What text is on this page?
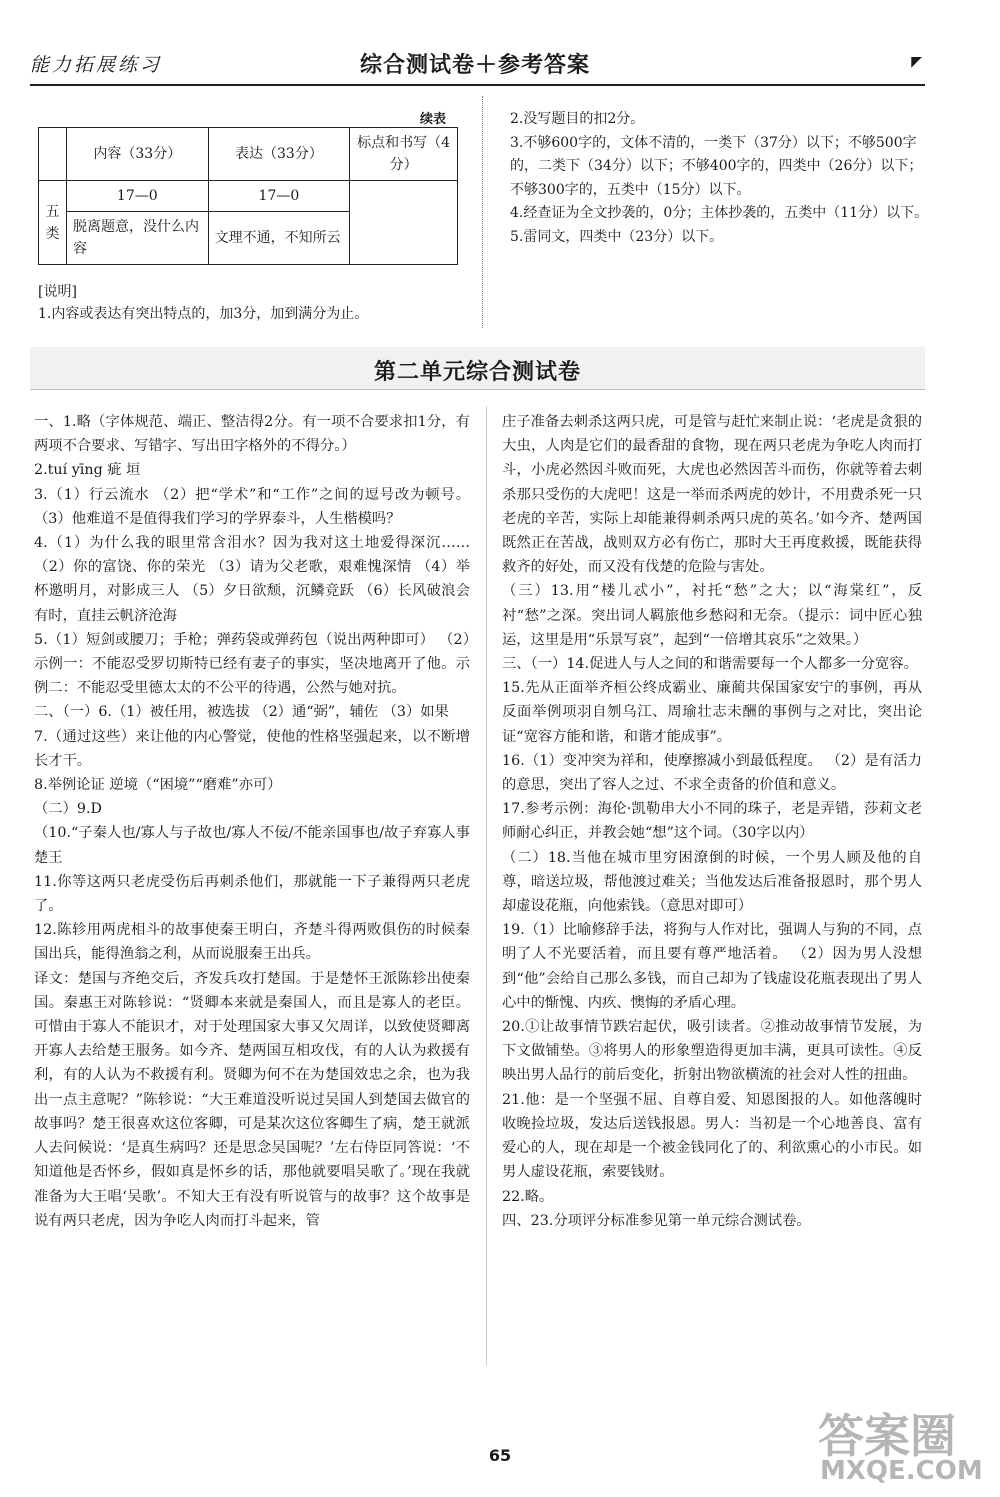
能力拓展练习	综合测试卷＋参考答案	◤
续表
	内容（33分）	表达（33分）	标点和书写（4分）
五类	17—0	17—0	
	脱离题意，没什么内容	文理不通，不知所云	
[说明]
1.内容或表达有突出特点的，加3分，加到满分为止。

2.没写题目的扣2分。

3.不够600字的，文体不清的，一类下（37分）以下；不够500字的，二类下（34分）以下；不够400字的，四类中（26分）以下；不够300字的，五类中（15分）以下。

4.经查证为全文抄袭的，0分；主体抄袭的，五类中（11分）以下。

5.雷同文，四类中（23分）以下。

第二单元综合测试卷

一、1.略（字体规范、端正、整洁得2分。有一项不合要求扣1分，有两项不合要求、写错字、写出田字格外的不得分。）

2.tuí yīng 疵 垣

3.（1）行云流水 （2）把“学术”和“工作”之间的逗号改为顿号。 （3）他难道不是值得我们学习的学界泰斗，人生楷模吗？

4.（1）为什么我的眼里常含泪水？因为我对这土地爱得深沉…… （2）你的富饶、你的荣光 （3）请为父老歌，艰难愧深情 （4）举杯邀明月，对影成三人 （5）夕日欲颓，沉鳞竞跃 （6）长风破浪会有时，直挂云帆济沧海

5.（1）短剑或腰刀；手枪；弹药袋或弹药包（说出两种即可） （2）示例一：不能忍受罗切斯特已经有妻子的事实，坚决地离开了他。示例二：不能忍受里德太太的不公平的待遇，公然与她对抗。

二、（一）6.（1）被任用，被选拔 （2）通“弼”，辅佐 （3）如果

7.（通过这些）来让他的内心警觉，使他的性格坚强起来，以不断增长才干。

8.举例论证 逆境（“困境”“磨难”亦可）

（二）9.D

（10.“子秦人也/寡人与子故也/寡人不佞/不能亲国事也/故子弃寡人事楚王

11.你等这两只老虎受伤后再刺杀他们，那就能一下子兼得两只老虎了。

12.陈轸用两虎相斗的故事使秦王明白，齐楚斗得两败俱伤的时候秦国出兵，能得渔翁之利，从而说服秦王出兵。

译文：楚国与齐绝交后，齐发兵攻打楚国。于是楚怀王派陈轸出使秦国。秦惠王对陈轸说：“贤卿本来就是秦国人，而且是寡人的老臣。可惜由于寡人不能识才，对于处理国家大事又欠周详，以致使贤卿离开寡人去给楚王服务。如今齐、楚两国互相攻伐，有的人认为救援有利，有的人认为不救援有利。贤卿为何不在为楚国效忠之余，也为我出一点主意呢？”陈轸说：“大王难道没听说过吴国人到楚国去做官的故事吗？楚王很喜欢这位客卿，可是某次这位客卿生了病，楚王就派人去问候说：‘是真生病吗？还是思念吴国呢？’左右侍臣同答说：‘不知道他是否怀乡，假如真是怀乡的话，那他就要唱吴歌了。’现在我就准备为大王唱‘吴歌’。不知大王有没有听说管与的故事？这个故事是说有两只老虎，因为争吃人肉而打斗起来，管

庄子准备去刺杀这两只虎，可是管与赶忙来制止说：‘老虎是贪狠的大虫，人肉是它们的最香甜的食物，现在两只老虎为争吃人肉而打斗，小虎必然因斗败而死，大虎也必然因苦斗而伤，你就等着去刺杀那只受伤的大虎吧！这是一举而杀两虎的妙计，不用费杀死一只老虎的辛苦，实际上却能兼得刺杀两只虎的英名。’如今齐、楚两国既然正在苦战，战则双方必有伤亡，那时大王再度救援，既能获得救齐的好处，而又没有伐楚的危险与害处。

（三）13.用“楼儿忒小”，衬托“愁”之大；以“海棠红”，反衬“愁”之深。突出词人羁旅他乡愁闷和无奈。（提示：词中匠心独运，这里是用“乐景写哀”，起到“一倍增其哀乐”之效果。）

三、（一）14.促进人与人之间的和谐需要每一个人都多一分宽容。

15.先从正面举齐桓公终成霸业、廉蔺共保国家安宁的事例，再从反面举例项羽自刎乌江、周瑜壮志未酬的事例与之对比，突出论证“宽容方能和谐，和谐才能成事”。

16.（1）变冲突为祥和，使摩擦减小到最低程度。 （2）是有活力的意思，突出了容人之过、不求全责备的价值和意义。

17.参考示例：海伦·凯勒串大小不同的珠子，老是弄错，莎莉文老师耐心纠正，并教会她“想”这个词。（30字以内）

（二）18.当他在城市里穷困潦倒的时候，一个男人顾及他的自尊，暗送垃圾，帮他渡过难关；当他发达后准备报恩时，那个男人却虚设花瓶，向他索钱。（意思对即可）

19.（1）比喻修辞手法，将狗与人作对比，强调人与狗的不同，点明了人不光要活着，而且要有尊严地活着。 （2）因为男人没想到“他”会给自己那么多钱，而自己却为了钱虚设花瓶表现出了男人心中的惭愧、内疚、懊悔的矛盾心理。

20.①让故事情节跌宕起伏，吸引读者。②推动故事情节发展，为下文做铺垫。③将男人的形象塑造得更加丰满，更具可读性。④反映出男人品行的前后变化，折射出物欲横流的社会对人性的扭曲。

21.他：是一个坚强不屈、自尊自爱、知恩图报的人。如他落魄时收晚捡垃圾，发达后送钱报恩。男人：当初是一个心地善良、富有爱心的人，现在却是一个被金钱同化了的、利欲熏心的小市民。如男人虚设花瓶，索要钱财。

22.略。

四、23.分项评分标准参见第一单元综合测试卷。

65	答案圈
MXQE.COM
